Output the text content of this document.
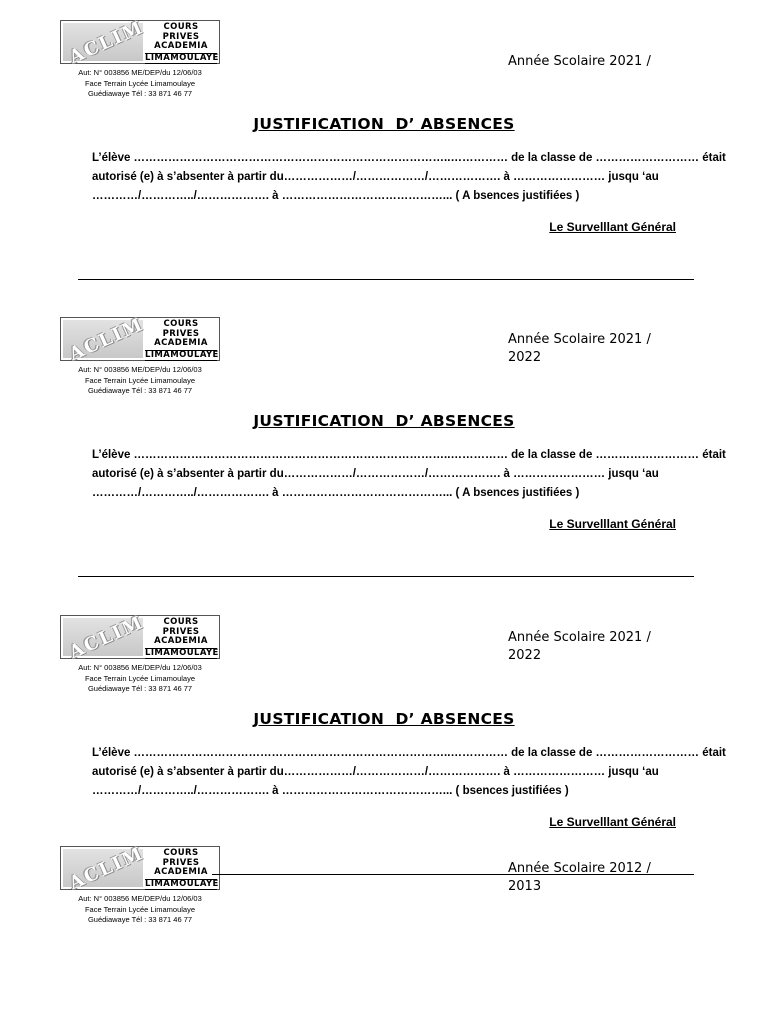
ACLIM	COURS
PRIVES
ACADEMIA
LIMAMOULAYE
Aut: N° 003856 ME/DEP/du 12/06/03
Face Terrain Lycée Limamoulaye
Guédiawaye Tél : 33 871 46 77
Année Scolaire 2021 /
JUSTIFICATION  D’ ABSENCES
L’élève ………………………………………………………………………..…………… de la classe de ……………………… était
autorisé (e) à s’absenter à partir du………………/………………/………………. à …………………… jusqu ‘au
…………/…………../………………. à ……………………………………... ( A bsences justifiées )
Le Survelllant Général
ACLIM	COURS
PRIVES
ACADEMIA
LIMAMOULAYE
Aut: N° 003856 ME/DEP/du 12/06/03
Face Terrain Lycée Limamoulaye
Guédiawaye Tél : 33 871 46 77
Année Scolaire 2021 /
2022
JUSTIFICATION  D’ ABSENCES
L’élève ………………………………………………………………………..…………… de la classe de ……………………… était
autorisé (e) à s’absenter à partir du………………/………………/………………. à …………………… jusqu ‘au
…………/…………../………………. à ……………………………………... ( A bsences justifiées )
Le Survelllant Général
ACLIM	COURS
PRIVES
ACADEMIA
LIMAMOULAYE
Aut: N° 003856 ME/DEP/du 12/06/03
Face Terrain Lycée Limamoulaye
Guédiawaye Tél : 33 871 46 77
Année Scolaire 2021 /
2022
JUSTIFICATION  D’ ABSENCES
L’élève ………………………………………………………………………..…………… de la classe de ……………………… était
autorisé (e) à s’absenter à partir du………………/………………/………………. à …………………… jusqu ‘au
…………/…………../………………. à ……………………………………... ( bsences justifiées )
Le Survelllant Général
ACLIM	COURS
PRIVES
ACADEMIA
LIMAMOULAYE
Aut: N° 003856 ME/DEP/du 12/06/03
Face Terrain Lycée Limamoulaye
Guédiawaye Tél : 33 871 46 77
Année Scolaire 2012 /
2013
